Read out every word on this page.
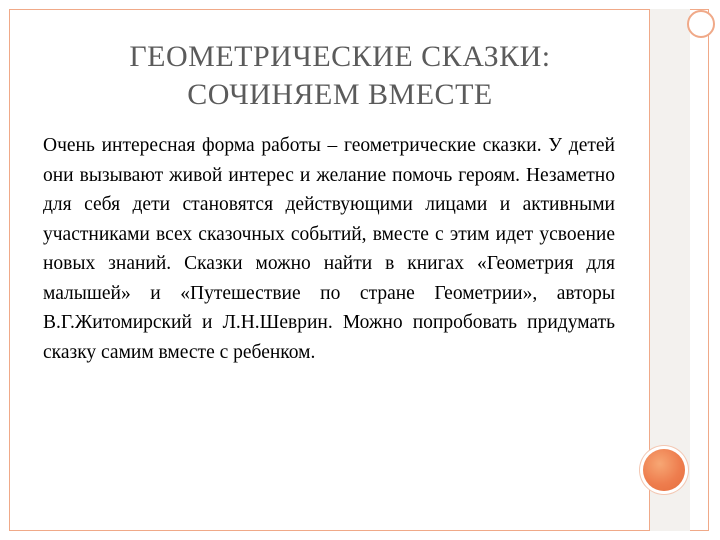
ГЕОМЕТРИЧЕСКИЕ СКАЗКИ:
СОЧИНЯЕМ ВМЕСТЕ
Очень интересная форма работы – геометрические сказки. У детей они вызывают живой интерес и желание помочь героям. Незаметно для себя дети становятся действующими лицами и активными участниками всех сказочных событий, вместе с этим идет усвоение новых знаний. Сказки можно найти в книгах «Геометрия для малышей» и «Путешествие по стране Геометрии», авторы В.Г.Житомирский и Л.Н.Шеврин. Можно попробовать придумать сказку самим вместе с ребенком.
